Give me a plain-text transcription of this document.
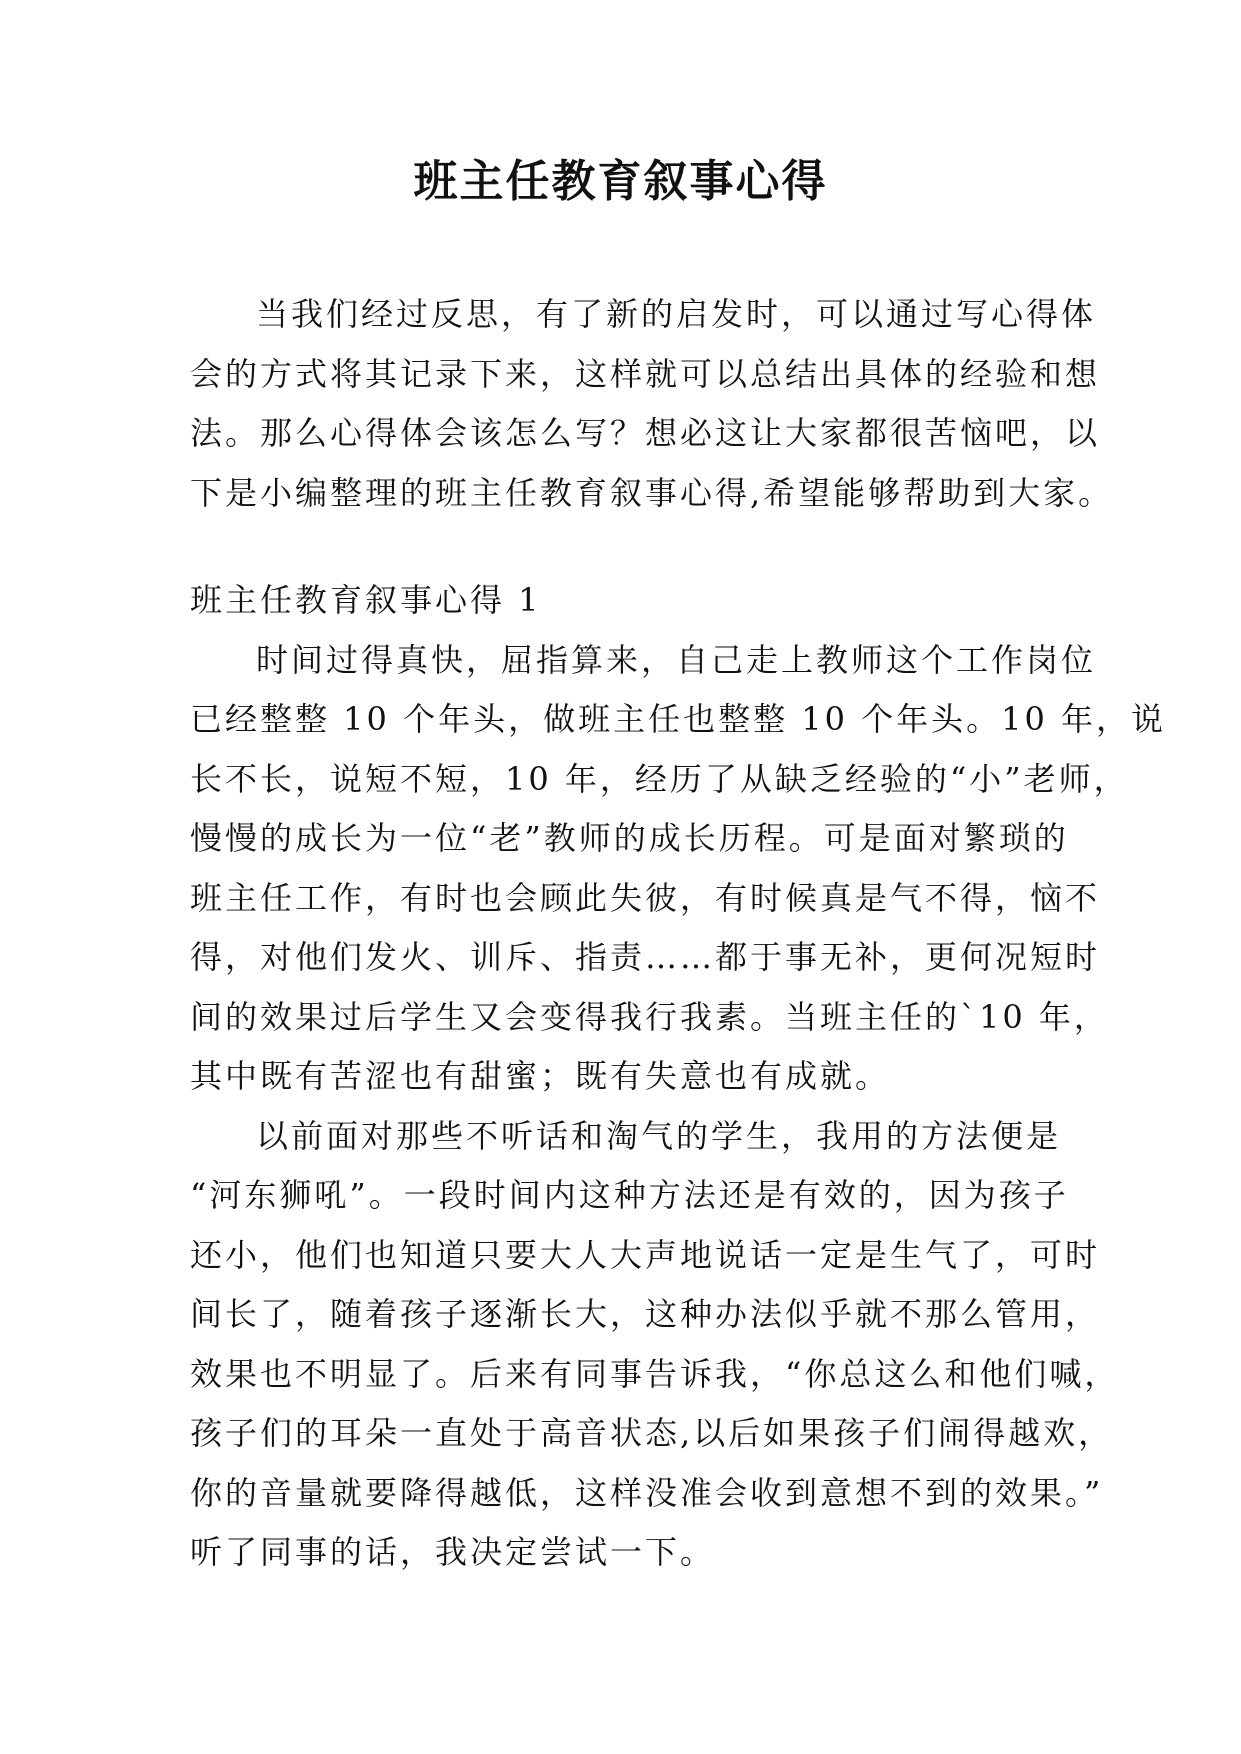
班主任教育叙事心得
当我们经过反思，有了新的启发时，可以通过写心得体
会的方式将其记录下来，这样就可以总结出具体的经验和想
法。那么心得体会该怎么写？想必这让大家都很苦恼吧，以
下是小编整理的班主任教育叙事心得,希望能够帮助到大家。
班主任教育叙事心得 1
时间过得真快，屈指算来，自己走上教师这个工作岗位
已经整整 10 个年头，做班主任也整整 10 个年头。10 年，说
长不长，说短不短，10 年，经历了从缺乏经验的“小”老师，
慢慢的成长为一位“老”教师的成长历程。可是面对繁琐的
班主任工作，有时也会顾此失彼，有时候真是气不得，恼不
得，对他们发火、训斥、指责……都于事无补，更何况短时
间的效果过后学生又会变得我行我素。当班主任的`10 年，
其中既有苦涩也有甜蜜；既有失意也有成就。
以前面对那些不听话和淘气的学生，我用的方法便是
“河东狮吼”。一段时间内这种方法还是有效的，因为孩子
还小，他们也知道只要大人大声地说话一定是生气了，可时
间长了，随着孩子逐渐长大，这种办法似乎就不那么管用，
效果也不明显了。后来有同事告诉我，“你总这么和他们喊，
孩子们的耳朵一直处于高音状态,以后如果孩子们闹得越欢，
你的音量就要降得越低，这样没准会收到意想不到的效果。”
听了同事的话，我决定尝试一下。
